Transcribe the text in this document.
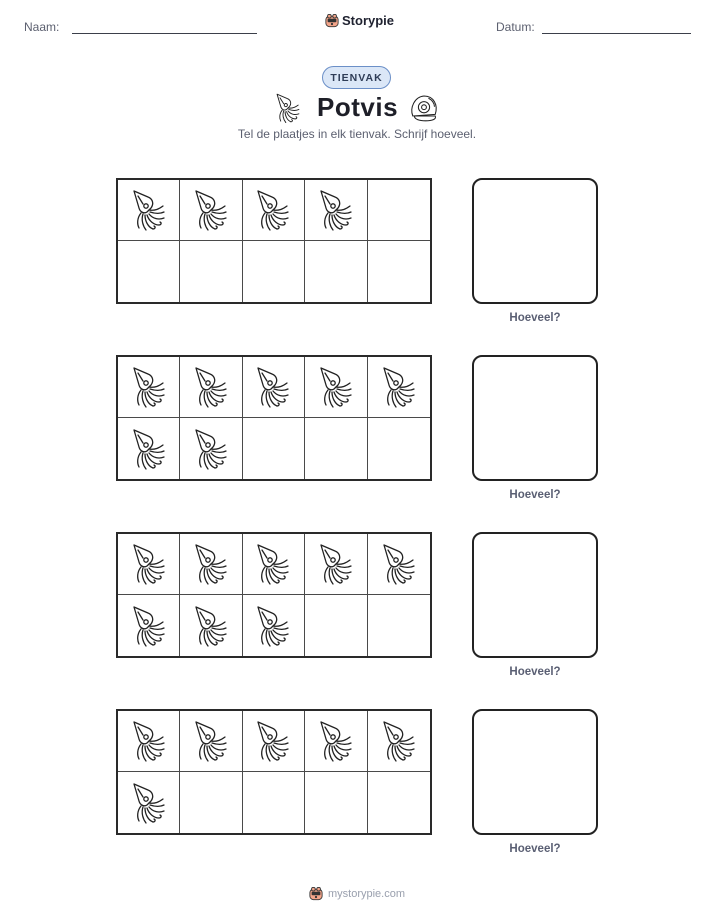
Naam:	Storypie	Datum:
TIENVAK
Potvis
Tel de plaatjes in elk tienvak. Schrijf hoeveel.
Hoeveel?
Hoeveel?
Hoeveel?
Hoeveel?
mystorypie.com
